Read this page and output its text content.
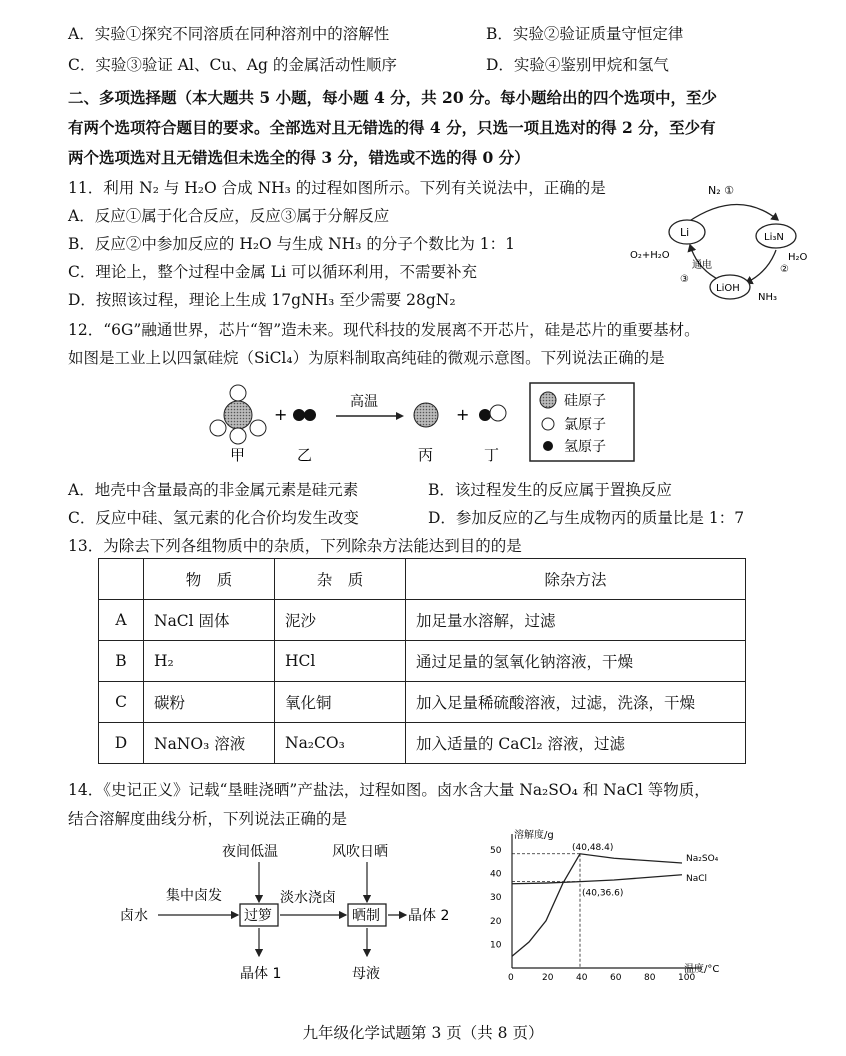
A．实验①探究不同溶质在同种溶剂中的溶解性	B．实验②验证质量守恒定律
C．实验③验证 Al、Cu、Ag 的金属活动性顺序	D．实验④鉴别甲烷和氢气
二、多项选择题（本大题共 5 小题，每小题 4 分，共 20 分。每小题给出的四个选项中，至少
有两个选项符合题目的要求。全部选对且无错选的得 4 分，只选一项且选对的得 2 分，至少有
两个选项选对且无错选但未选全的得 3 分，错选或不选的得 0 分）
11．利用 N₂ 与 H₂O 合成 NH₃ 的过程如图所示。下列有关说法中，正确的是
A．反应①属于化合反应，反应③属于分解反应
B．反应②中参加反应的 H₂O 与生成 NH₃ 的分子个数比为 1：1
C．理论上，整个过程中金属 Li 可以循环利用，不需要补充
D．按照该过程，理论上生成 17gNH₃ 至少需要 28gN₂
N₂ ①
Li	Li₃N
LiOH
H₂O
②
NH₃
O₂+H₂O
通电
③
12．“6G”融通世界，芯片“智”造未来。现代科技的发展离不开芯片，硅是芯片的重要基材。
如图是工业上以四氯硅烷（SiCl₄）为原料制取高纯硅的微观示意图。下列说法正确的是
+
高温
+
甲	乙	丙	丁
硅原子
氯原子
氢原子
A．地壳中含量最高的非金属元素是硅元素	B．该过程发生的反应属于置换反应
C．反应中硅、氢元素的化合价均发生改变	D．参加反应的乙与生成物丙的质量比是 1：7
13．为除去下列各组物质中的杂质，下列除杂方法能达到目的的是
	物　质	杂　质	除杂方法
A	NaCl 固体	泥沙	加足量水溶解，过滤
B	H₂	HCl	通过足量的氢氧化钠溶液，干燥
C	碳粉	氧化铜	加入足量稀硫酸溶液，过滤，洗涤，干燥
D	NaNO₃ 溶液	Na₂CO₃	加入适量的 CaCl₂ 溶液，过滤
14．《史记正义》记载“垦畦浇晒”产盐法，过程如图。卤水含大量 Na₂SO₄ 和 NaCl 等物质，
结合溶解度曲线分析，下列说法正确的是
夜间低温	风吹日晒
集中卤发	淡水浇卤
卤水	过箩	晒制 晶体 2
晶体 1	母液
溶解度/g
温度/°C
0	20	40	60	80	100
10
20
30
40
50
Na₂SO₄
NaCl
(40,48.4)
(40,36.6)
九年级化学试题第 3 页（共 8 页）
